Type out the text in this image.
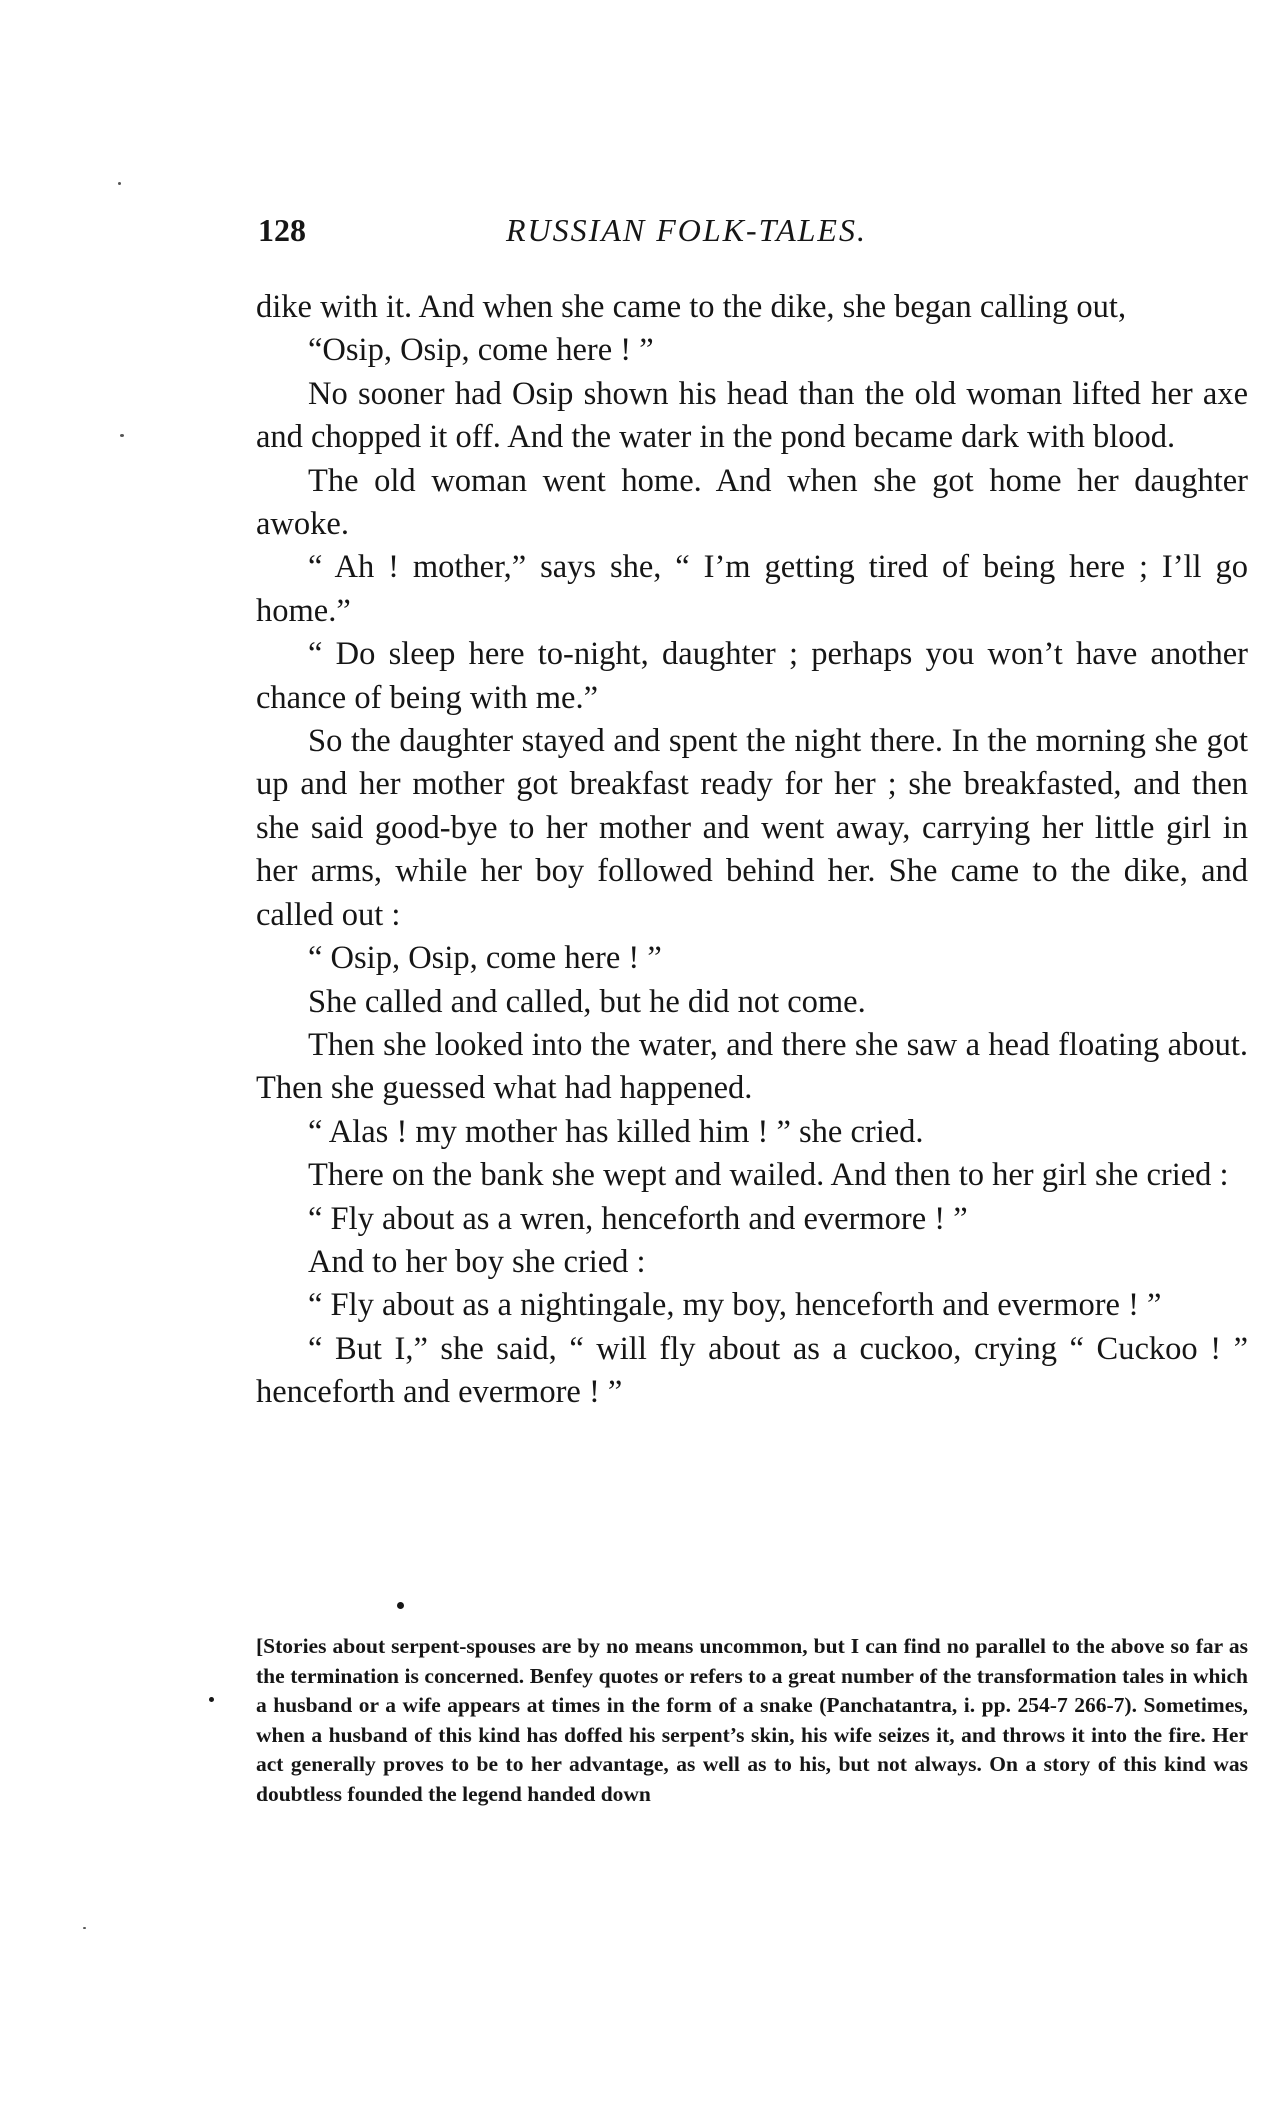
128	RUSSIAN FOLK-TALES.

dike with it. And when she came to the dike, she began calling out,

“Osip, Osip, come here ! ”

No sooner had Osip shown his head than the old woman lifted her axe and chopped it off. And the water in the pond became dark with blood.

The old woman went home. And when she got home her daughter awoke.

“ Ah ! mother,” says she, “ I’m getting tired of being here ; I’ll go home.”

“ Do sleep here to-night, daughter ; perhaps you won’t have another chance of being with me.”

So the daughter stayed and spent the night there. In the morning she got up and her mother got breakfast ready for her ; she breakfasted, and then she said good-bye to her mother and went away, carrying her little girl in her arms, while her boy followed behind her. She came to the dike, and called out :

“ Osip, Osip, come here ! ”

She called and called, but he did not come.

Then she looked into the water, and there she saw a head floating about. Then she guessed what had happened.

“ Alas ! my mother has killed him ! ” she cried.

There on the bank she wept and wailed. And then to her girl she cried :

“ Fly about as a wren, henceforth and evermore ! ”

And to her boy she cried :

“ Fly about as a nightingale, my boy, henceforth and evermore ! ”

“ But I,” she said, “ will fly about as a cuckoo, crying “ Cuckoo ! ” henceforth and evermore ! ”

[Stories about serpent-spouses are by no means uncommon, but I can find no parallel to the above so far as the termination is concerned. Benfey quotes or refers to a great number of the transformation tales in which a husband or a wife appears at times in the form of a snake (Panchatantra, i. pp. 254-7 266-7). Sometimes, when a husband of this kind has doffed his serpent’s skin, his wife seizes it, and throws it into the fire. Her act generally proves to be to her advantage, as well as to his, but not always. On a story of this kind was doubtless founded the legend handed down
